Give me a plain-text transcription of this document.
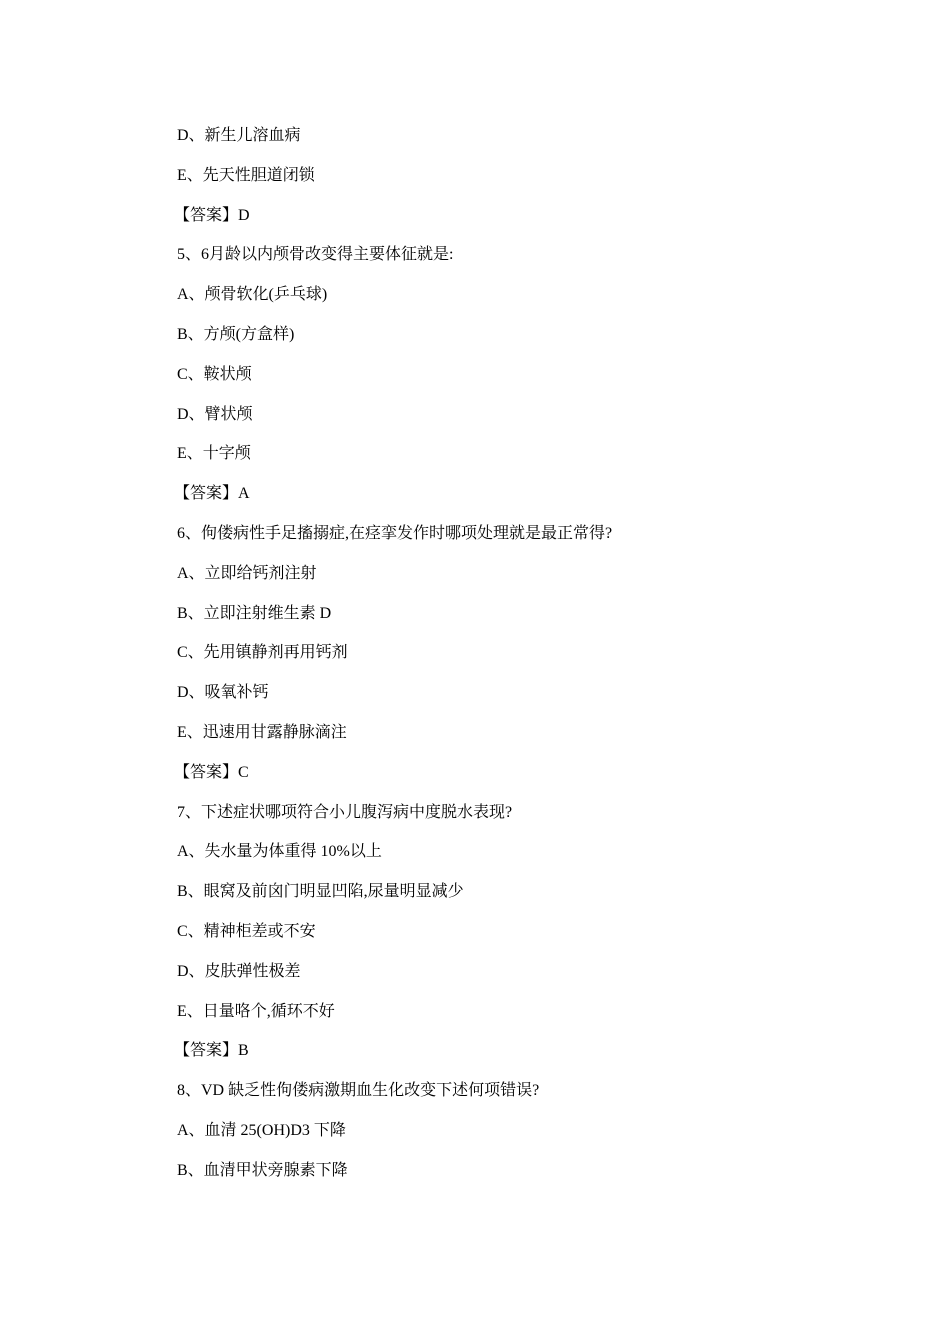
D、新生儿溶血病
E、先天性胆道闭锁
【答案】D
5、6月龄以内颅骨改变得主要体征就是:
A、颅骨软化(乒乓球)
B、方颅(方盒样)
C、鞍状颅
D、臂状颅
E、十字颅
【答案】A
6、佝偻病性手足搐搦症,在痉挛发作时哪项处理就是最正常得?
A、立即给钙剂注射
B、立即注射维生素 D
C、先用镇静剂再用钙剂
D、吸氧补钙
E、迅速用甘露静脉滴注
【答案】C
7、下述症状哪项符合小儿腹泻病中度脱水表现?
A、失水量为体重得 10%以上
B、眼窝及前囟门明显凹陷,尿量明显减少
C、精神柜差或不安
D、皮肤弹性极差
E、日量咯个,循环不好
【答案】B
8、VD 缺乏性佝偻病激期血生化改变下述何项错误?
A、血清 25(OH)D3 下降
B、血清甲状旁腺素下降
